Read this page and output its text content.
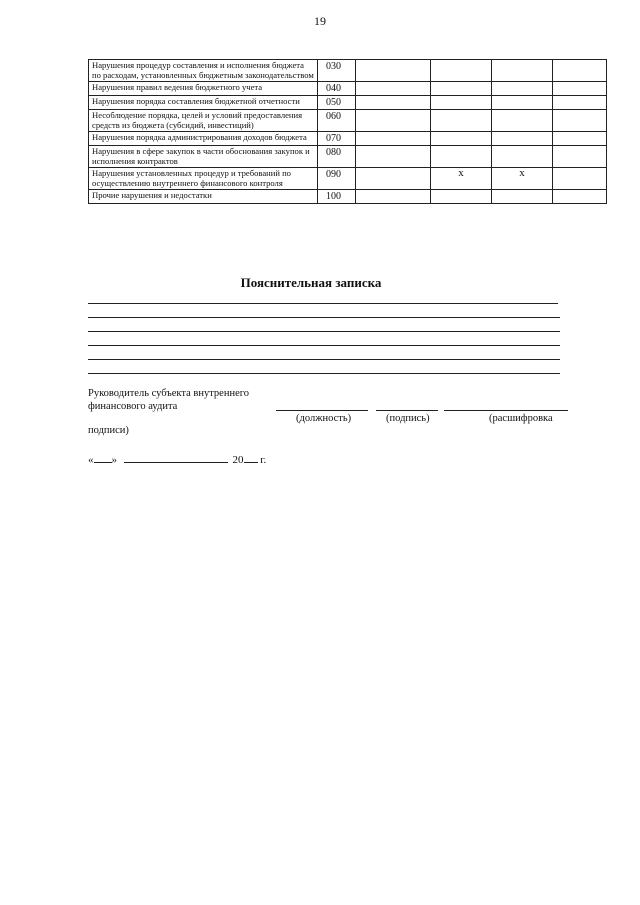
19
Нарушения процедур составления и исполнения бюджета по расходам, установленных бюджетным законодательством	030				
Нарушения правил ведения бюджетного учета	040				
Нарушения порядка составления бюджетной отчетности	050				
Несоблюдение порядка, целей и условий предоставления средств из бюджета (субсидий, инвестиций)	060				
Нарушения порядка администрирования доходов бюджета	070				
Нарушения в сфере закупок в части обоснования закупок и исполнения контрактов	080				
Нарушения установленных процедур и требований по осуществлению внутреннего финансового контроля	090		x	x	
Прочие нарушения и недостатки	100				
Пояснительная записка
Руководитель субъекта внутреннего
финансового аудита
(должность)	(подпись)	(расшифровка
подписи)
« »	20 г.
